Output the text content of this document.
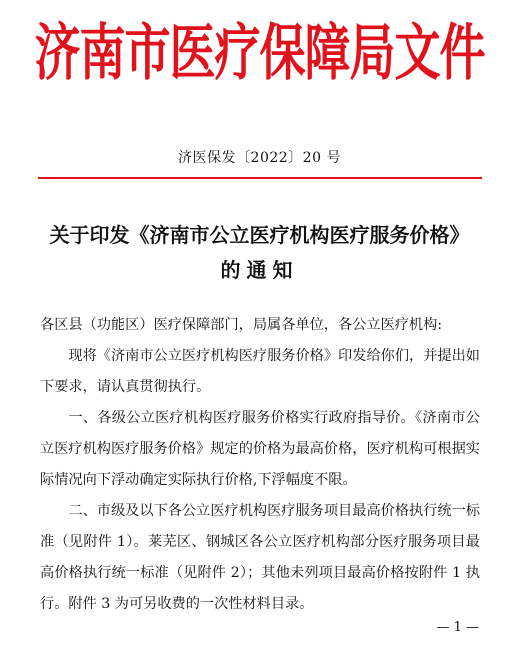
济南市医疗保障局文件
济医保发〔2022〕20 号
关于印发《济南市公立医疗机构医疗服务价格》
的通知

各区县（功能区）医疗保障部门，局属各单位，各公立医疗机构:

现将《济南市公立医疗机构医疗服务价格》印发给你们，并提出如下要求，请认真贯彻执行。

一、各级公立医疗机构医疗服务价格实行政府指导价。《济南市公立医疗机构医疗服务价格》规定的价格为最高价格，医疗机构可根据实际情况向下浮动确定实际执行价格,下浮幅度不限。

二、市级及以下各公立医疗机构医疗服务项目最高价格执行统一标准（见附件 1）。莱芜区、钢城区各公立医疗机构部分医疗服务项目最高价格执行统一标准（见附件 2）；其他未列项目最高价格按附件 1 执行。附件 3 为可另收费的一次性材料目录。

— 1 —
